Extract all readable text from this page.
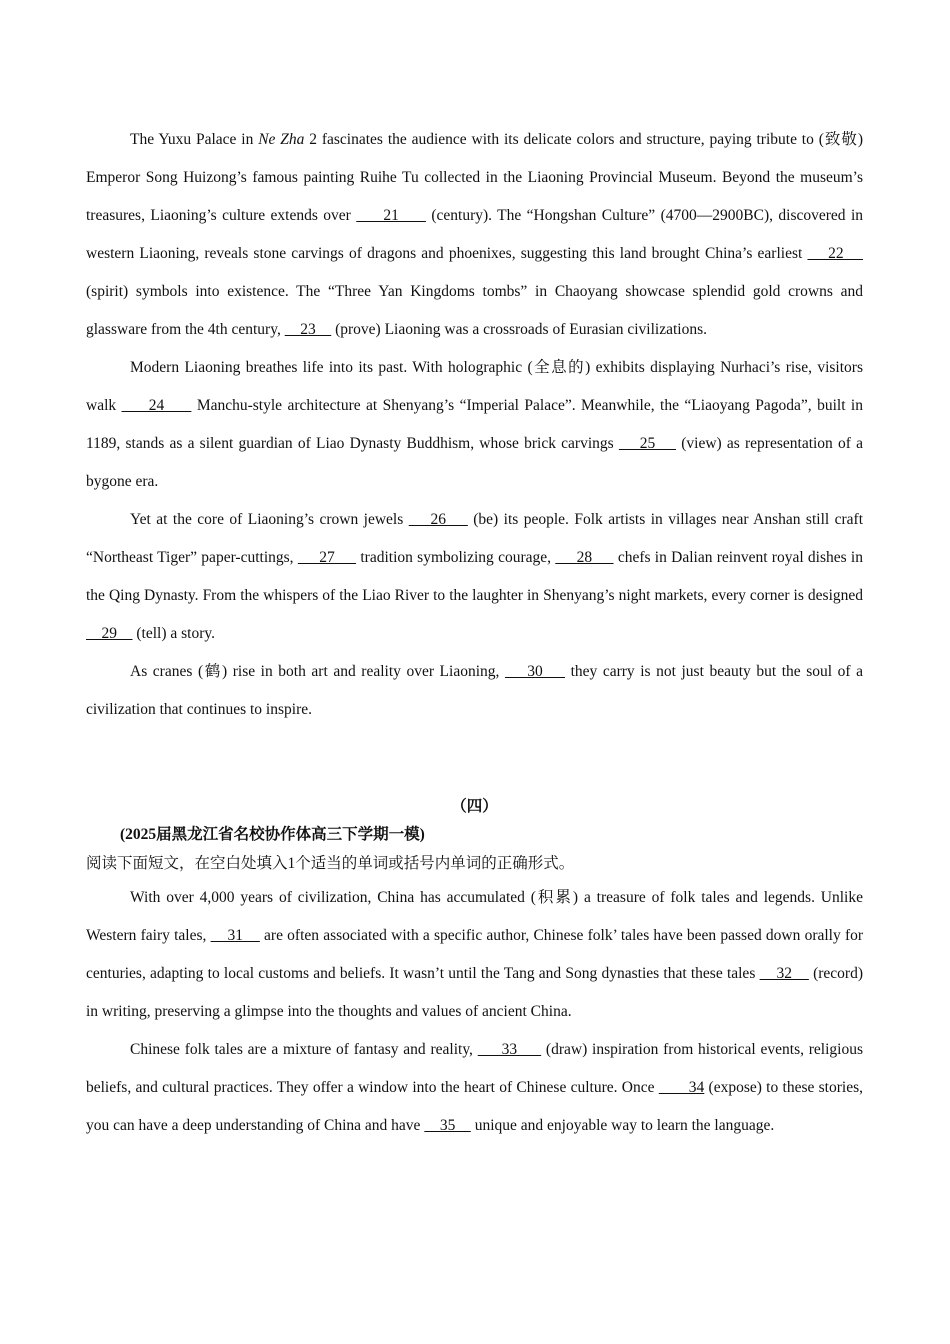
The Yuxu Palace in Ne Zha 2 fascinates the audience with its delicate colors and structure, paying tribute to (致敬) Emperor Song Huizong’s famous painting Ruihe Tu collected in the Liaoning Provincial Museum. Beyond the museum’s treasures, Liaoning’s culture extends over      21      (century). The “Hongshan Culture” (4700—2900BC), discovered in western Liaoning, reveals stone carvings of dragons and phoenixes, suggesting this land brought China’s earliest     22     (spirit) symbols into existence. The “Three Yan Kingdoms tombs” in Chaoyang showcase splendid gold crowns and glassware from the 4th century,     23     (prove) Liaoning was a crossroads of Eurasian civilizations.

Modern Liaoning breathes life into its past. With holographic (全息的) exhibits displaying Nurhaci’s rise, visitors walk      24      Manchu-style architecture at Shenyang’s “Imperial Palace”. Meanwhile, the “Liaoyang Pagoda”, built in 1189, stands as a silent guardian of Liao Dynasty Buddhism, whose brick carvings     25     (view) as representation of a bygone era.

Yet at the core of Liaoning’s crown jewels     26     (be) its people. Folk artists in villages near Anshan still craft “Northeast Tiger” paper-cuttings,      27      tradition symbolizing courage,      28      chefs in Dalian reinvent royal dishes in the Qing Dynasty. From the whispers of the Liao River to the laughter in Shenyang’s night markets, every corner is designed     29     (tell) a story.

As cranes (鹤) rise in both art and reality over Liaoning,     30     they carry is not just beauty but the soul of a civilization that continues to inspire.

（四）
(2025届黑龙江省名校协作体高三下学期一模)
阅读下面短文，在空白处填入1个适当的单词或括号内单词的正确形式。

With over 4,000 years of civilization, China has accumulated (积累) a treasure of folk tales and legends. Unlike Western fairy tales,     31     are often associated with a specific author, Chinese folk’ tales have been passed down orally for centuries, adapting to local customs and beliefs. It wasn’t until the Tang and Song dynasties that these tales     32     (record) in writing, preserving a glimpse into the thoughts and values of ancient China.

Chinese folk tales are a mixture of fantasy and reality,      33      (draw) inspiration from historical events, religious beliefs, and cultural practices. They offer a window into the heart of Chinese culture. Once        34 (expose) to these stories, you can have a deep understanding of China and have     35     unique and enjoyable way to learn the language.
